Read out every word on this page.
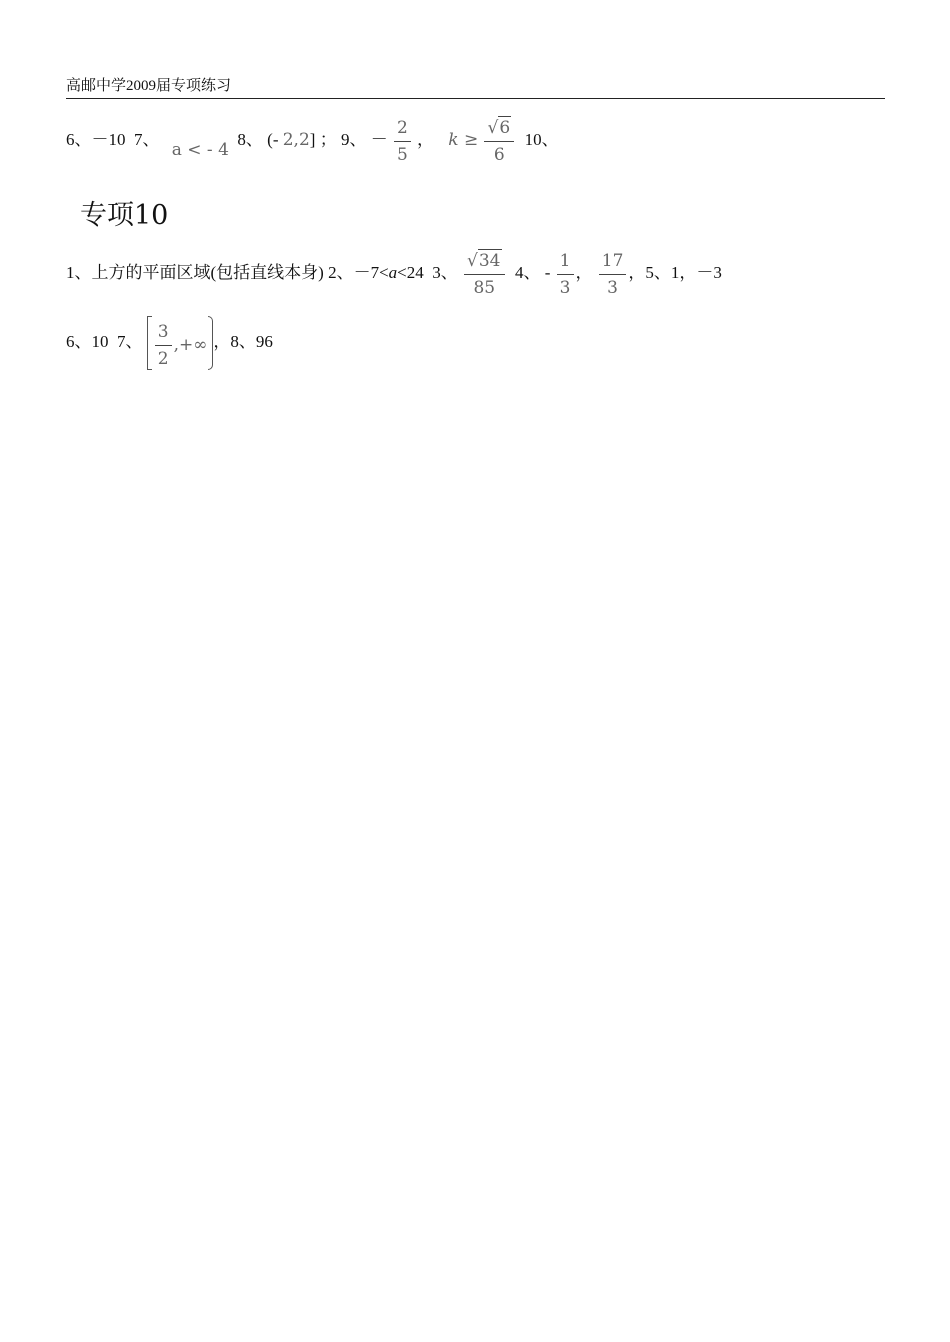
高邮中学2009届专项练习
6、－10 7、 a < - 4  8、 (- 2,2] ； 9、 － $\frac{2}{5}$ ， $k \ge \frac{√6}{6} 10$、
专项10
1、上方的平面区域(包括直线本身) 2、－7<a<24 3、 $\frac{√34}{85} 4$、 - $\frac{1}{3}$ ， $\frac{17}{3}$ ，5、1，－3
6、10 7、 $\frac{3}{2}$ ,+∞ ，8、96
